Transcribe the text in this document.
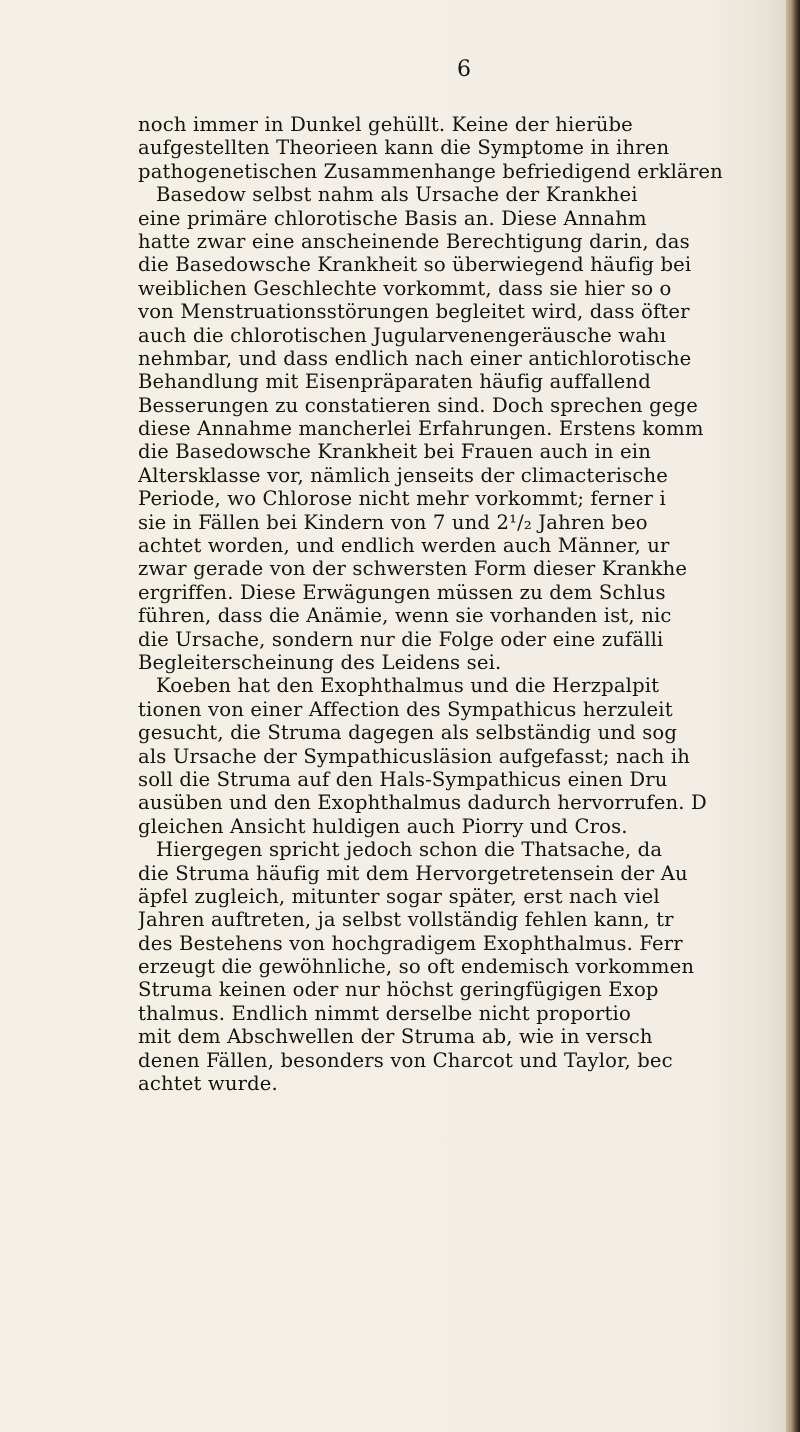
6
noch immer in Dunkel gehüllt. Keine der hierübe
aufgestellten Theorieen kann die Symptome in ihren
pathogenetischen Zusammenhange befriedigend erklären
Basedow selbst nahm als Ursache der Krankhei
eine primäre chlorotische Basis an. Diese Annahm
hatte zwar eine anscheinende Berechtigung darin, das
die Basedowsche Krankheit so überwiegend häufig bei
weiblichen Geschlechte vorkommt, dass sie hier so o
von Menstruationsstörungen begleitet wird, dass öfter
auch die chlorotischen Jugularvenengeräusche wahı
nehmbar, und dass endlich nach einer antichlorotische
Behandlung mit Eisenpräparaten häufig auffallend
Besserungen zu constatieren sind. Doch sprechen gege
diese Annahme mancherlei Erfahrungen. Erstens komm
die Basedowsche Krankheit bei Frauen auch in ein
Altersklasse vor, nämlich jenseits der climacterische
Periode, wo Chlorose nicht mehr vorkommt; ferner i
sie in Fällen bei Kindern von 7 und 2¹/₂ Jahren beo
achtet worden, und endlich werden auch Männer, ur
zwar gerade von der schwersten Form dieser Krankhe
ergriffen. Diese Erwägungen müssen zu dem Schlus
führen, dass die Anämie, wenn sie vorhanden ist, nic
die Ursache, sondern nur die Folge oder eine zufälli
Begleiterscheinung des Leidens sei.
Koeben hat den Exophthalmus und die Herzpalpit
tionen von einer Affection des Sympathicus herzuleit
gesucht, die Struma dagegen als selbständig und sog
als Ursache der Sympathicusläsion aufgefasst; nach ih
soll die Struma auf den Hals-Sympathicus einen Dru
ausüben und den Exophthalmus dadurch hervorrufen. D
gleichen Ansicht huldigen auch Piorry und Cros.
Hiergegen spricht jedoch schon die Thatsache, da
die Struma häufig mit dem Hervorgetretensein der Au
äpfel zugleich, mitunter sogar später, erst nach viel
Jahren auftreten, ja selbst vollständig fehlen kann, tr
des Bestehens von hochgradigem Exophthalmus. Ferr
erzeugt die gewöhnliche, so oft endemisch vorkommen
Struma keinen oder nur höchst geringfügigen Exop
thalmus. Endlich nimmt derselbe nicht proportio
mit dem Abschwellen der Struma ab, wie in versch
denen Fällen, besonders von Charcot und Taylor, bec
achtet wurde.
